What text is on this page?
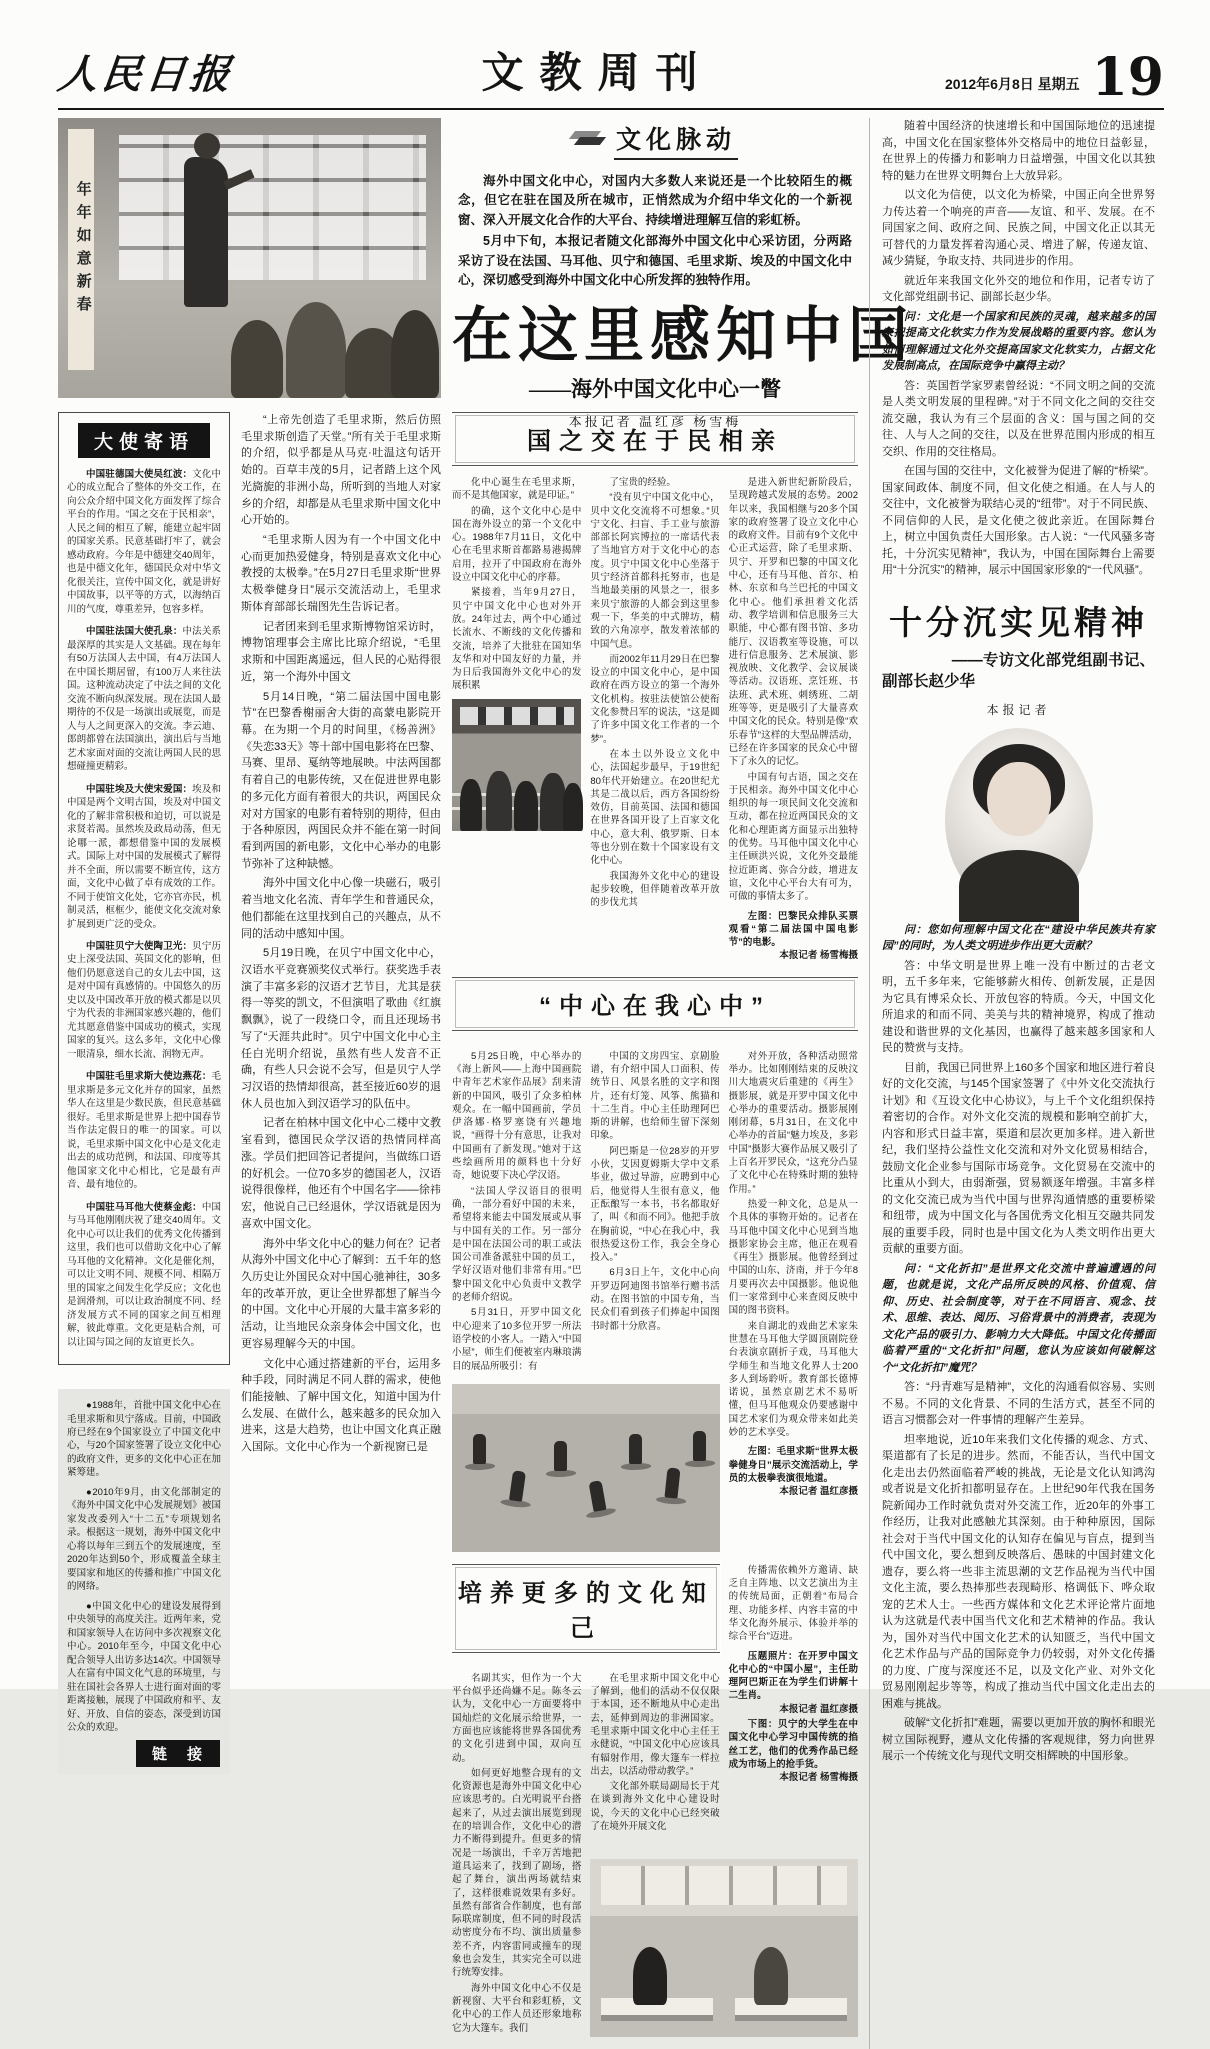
人民日报	文教周刊	2012年6月8日 星期五 19
年年如意新春
文化脉动

海外中国文化中心，对国内大多数人来说还是一个比较陌生的概念，但它在驻在国及所在城市，正悄然成为介绍中华文化的一个新视窗、深入开展文化合作的大平台、持续增进理解互信的彩虹桥。

5月中下旬，本报记者随文化部海外中国文化中心采访团，分两路采访了设在法国、马耳他、贝宁和德国、毛里求斯、埃及的中国文化中心，深切感受到海外中国文化中心所发挥的独特作用。

在这里感知中国
——海外中国文化中心一瞥
本报记者 温红彦 杨雪梅
大使寄语

中国驻德国大使吴红波：文化中心的成立配合了整体的外交工作，在向公众介绍中国文化方面发挥了综合平台的作用。“国之交在于民相亲”，人民之间的相互了解，能建立起牢固的国家关系。民意基础打牢了，就会感动政府。今年是中德建交40周年，也是中德文化年，德国民众对中华文化很关注，宣传中国文化，就是讲好中国故事，以平等的方式，以海纳百川的气度，尊重差异，包容多样。

中国驻法国大使孔泉：中法关系最深厚的其实是人文基础。现在每年有50万法国人去中国，有4万法国人在中国长期居留，有100万人来往法国。这种流动决定了中法之间的文化交流不断向纵深发展。现在法国人最期待的不仅是一场演出或展览，而是人与人之间更深入的交流。李云迪、郎朗都曾在法国演出，演出后与当地艺术家面对面的交流让两国人民的思想碰撞更精彩。

中国驻埃及大使宋爱国：埃及和中国是两个文明古国，埃及对中国文化的了解非常积极和迫切，可以说是求贤若渴。虽然埃及政局动荡，但无论哪一派，都想借鉴中国的发展模式。国际上对中国的发展模式了解得并不全面，所以需要不断宣传，这方面，文化中心做了卓有成效的工作。不同于使馆文化处，它亦官亦民，机制灵活，框框少，能使文化交流对象扩展到更广泛的受众。

中国驻贝宁大使陶卫光：贝宁历史上深受法国、英国文化的影响，但他们仍愿意送自己的女儿去中国，这是对中国有真感情的。中国悠久的历史以及中国改革开放的模式都是以贝宁为代表的非洲国家感兴趣的，他们尤其愿意借鉴中国成功的模式，实现国家的复兴。这么多年，文化中心像一眼清泉，细水长流、润物无声。

中国驻毛里求斯大使边燕花：毛里求斯是多元文化并存的国家，虽然华人在这里是少数民族，但民意基础很好。毛里求斯是世界上把中国春节当作法定假日的唯一的国家。可以说，毛里求斯中国文化中心是文化走出去的成功范例，和法国、印度等其他国家文化中心相比，它是最有声音、最有地位的。

中国驻马耳他大使蔡金彪：中国与马耳他刚刚庆祝了建交40周年。文化中心可以让我们的优秀文化传播到这里，我们也可以借助文化中心了解马耳他的文化精神。文化是催化剂，可以让文明不同、规模不同、相隔万里的国家之间发生化学反应；文化也是润滑剂，可以让政治制度不同、经济发展方式不同的国家之间互相理解，彼此尊重。文化更是粘合剂，可以让国与国之间的友谊更长久。

●1988年，首批中国文化中心在毛里求斯和贝宁落成。目前，中国政府已经在9个国家设立了中国文化中心，与20个国家签署了设立文化中心的政府文件，更多的文化中心正在加紧筹建。

●2010年9月，由文化部制定的《海外中国文化中心发展规划》被国家发改委列入“十二五”专项规划名录。根据这一规划，海外中国文化中心将以每年三到五个的发展速度，至2020年达到50个，形成覆盖全球主要国家和地区的传播和推广中国文化的网络。

●中国文化中心的建设发展得到中央领导的高度关注。近两年来，党和国家领导人在访问中多次视察文化中心。2010年至今，中国文化中心配合领导人出访多达14次。中国领导人在富有中国文化气息的环境里，与驻在国社会各界人士进行面对面的零距离接触，展现了中国政府和平、友好、开放、自信的姿态，深受到访国公众的欢迎。

链 接

“上帝先创造了毛里求斯，然后仿照毛里求斯创造了天堂。”所有关于毛里求斯的介绍，似乎都是从马克·吐温这句话开始的。百草丰茂的5月，记者踏上这个风光旖旎的非洲小岛，所听到的当地人对家乡的介绍，却都是从毛里求斯中国文化中心开始的。

“毛里求斯人因为有一个中国文化中心而更加热爱健身，特别是喜欢文化中心教授的太极拳。”在5月27日毛里求斯“世界太极拳健身日”展示交流活动上，毛里求斯体育部部长瑞图先生告诉记者。

记者团来到毛里求斯博物馆采访时，博物馆理事会主席比比琼介绍说，“毛里求斯和中国距离遥远，但人民的心贴得很近，第一个海外中国文

5月14日晚，“第二届法国中国电影节”在巴黎香榭丽舍大街的高蒙电影院开幕。在为期一个月的时间里，《杨善洲》《失恋33天》等十部中国电影将在巴黎、马赛、里昂、戛纳等地展映。中法两国都有着自己的电影传统，又在促进世界电影的多元化方面有着很大的共识，两国民众对对方国家的电影有着特别的期待，但由于各种原因，两国民众并不能在第一时间看到两国的新电影，文化中心举办的电影节弥补了这种缺憾。

海外中国文化中心像一块磁石，吸引着当地文化名流、青年学生和普通民众，他们都能在这里找到自己的兴趣点，从不同的活动中感知中国。

5月19日晚，在贝宁中国文化中心，汉语水平竞赛颁奖仪式举行。获奖选手表演了丰富多彩的汉语才艺节目，尤其是获得一等奖的凯文，不但演唱了歌曲《红旗飘飘》，说了一段绕口令，而且还现场书写了“天涯共此时”。贝宁中国文化中心主任白光明介绍说，虽然有些人发音不正确，有些人只会说不会写，但是贝宁人学习汉语的热情却很高，甚至接近60岁的退休人员也加入到汉语学习的队伍中。

记者在柏林中国文化中心二楼中文教室看到，德国民众学汉语的热情同样高涨。学员们把回答记者提问，当做练口语的好机会。一位70多岁的德国老人，汉语说得很像样，他还有个中国名字——徐祎宏，他说自己已经退休，学汉语就是因为喜欢中国文化。

海外中华文化中心的魅力何在？记者从海外中国文化中心了解到：五千年的悠久历史让外国民众对中国心驰神往，30多年的改革开放，更让全世界都想了解当今的中国。文化中心开展的大量丰富多彩的活动，让当地民众亲身体会中国文化，也更容易理解今天的中国。

文化中心通过搭建新的平台，运用多种手段，同时满足不同人群的需求，使他们能接触、了解中国文化，知道中国为什么发展、在做什么，越来越多的民众加入进来，这是大趋势，也让中国文化真正融入国际。文化中心作为一个新视窗已是

国之交在于民相亲

化中心诞生在毛里求斯，而不是其他国家，就是印证。”

的确，这个文化中心是中国在海外设立的第一个文化中心。1988年7月11日，文化中心在毛里求斯首都路易港揭牌启用，拉开了中国政府在海外设立中国文化中心的序幕。

紧接着，当年9月27日，贝宁中国文化中心也对外开放。24年过去，两个中心通过长流水、不断线的文化传播和交流，培养了大批驻在国知华友华和对中国友好的力量，并为日后我国海外文化中心的发展积累

了宝贵的经验。

“没有贝宁中国文化中心，贝中文化交流将不可想象。”贝宁文化、扫盲、手工业与旅游部部长阿宾博拉的一席话代表了当地官方对于文化中心的态度。贝宁中国文化中心坐落于贝宁经济首都科托努市，也是当地最美丽的风景之一，很多来贝宁旅游的人都会到这里参观一下，华美的中式牌坊，精致的六角凉亭，散发着浓郁的中国气息。

而2002年11月29日在巴黎设立的中国文化中心，是中国政府在西方设立的第一个海外文化机构。按驻法使馆公使衔文化参赞吕军的说法，“这是圆了许多中国文化工作者的一个梦”。

在本土以外设立文化中心，法国起步最早，于19世纪80年代开始建立。在20世纪尤其是二战以后，西方各国纷纷效仿，目前英国、法国和德国在世界各国开设了上百家文化中心，意大利、俄罗斯、日本等也分别在数十个国家设有文化中心。

我国海外文化中心的建设起步较晚，但伴随着改革开放的步伐尤其

是进入新世纪新阶段后，呈现跨越式发展的态势。2002年以来，我国相继与20多个国家的政府签署了设立文化中心的政府文件。目前有9个文化中心正式运营，除了毛里求斯、贝宁、开罗和巴黎的中国文化中心，还有马耳他、首尔、柏林、东京和乌兰巴托的中国文化中心。他们承担着文化活动、教学培训和信息服务三大职能，中心都有图书馆、多功能厅、汉语教室等设施，可以进行信息服务、艺术展演、影视放映、文化教学、会议展谈等活动。汉语班、烹饪班、书法班、武术班、刺绣班、二胡班等等，更是吸引了大量喜欢中国文化的民众。特别是像“欢乐春节”这样的大型品牌活动，已经在许多国家的民众心中留下了永久的记忆。

中国有句古语，国之交在于民相亲。海外中国文化中心组织的每一项民间文化交流和互动，都在拉近两国民众的文化和心理距离方面显示出独特的优势。马耳他中国文化中心主任顾洪兴说，文化外交最能拉近距离、弥合分歧，增进友谊，文化中心平台大有可为，可做的事情太多了。

左图：巴黎民众排队买票观看“第二届法国中国电影节”的电影。
本报记者 杨雪梅摄

“中心在我心中”

5月25日晚，中心举办的《海上新风——上海中国画院中青年艺术家作品展》刮来清新的中国风，吸引了众多柏林观众。在一幅中国画前，学员伊洛娜·格罗塞饶有兴趣地说，“画得十分有意思，让我对中国画有了新发现。”她对于这些绘画所用的颜料也十分好奇，她说要下决心学汉语。

“法国人学汉语目的很明确，一部分看好中国的未来，希望将来能去中国发展或从事与中国有关的工作。另一部分是中国在法国公司的职工或法国公司准备派驻中国的员工，学好汉语对他们非常有用。”巴黎中国文化中心负责中文教学的老师介绍说。

5月31日，开罗中国文化中心迎来了10多位开罗一所法语学校的小客人。一踏入“中国小屋”，师生们便被室内琳琅满目的展品所吸引：有

中国的文房四宝、京剧脸谱，有介绍中国人口面积、传统节日、风景名胜的文字和图片，还有灯笼、风筝、熊猫和十二生肖。中心主任助理阿巴斯的讲解，也给师生留下深刻印象。

阿巴斯是一位28岁的开罗小伙，艾因夏姆斯大学中文系毕业，做过导游，应聘到中心后，他觉得人生很有意义，他正酝酿写一本书，书名都取好了，叫《和而不同》。他把手放在胸前说，“中心在我心中，我很热爱这份工作，我会全身心投入。”

6月3日上午，文化中心向开罗迈阿迪图书馆举行赠书活动。在图书馆的中国专角，当民众们看到孩子们捧起中国图书时都十分欣喜。

对外开放，各种活动照常举办。比如刚刚结束的反映汶川大地震灾后重建的《再生》摄影展，就是开罗中国文化中心举办的重要活动。摄影展刚刚闭幕，5月31日，在文化中心举办的首届“魅力埃及，多彩中国”摄影大赛作品展又吸引了上百名开罗民众，“这充分凸显了文化中心在特殊时期的独特作用。”

热爱一种文化，总是从一个具体的事物开始的。记者在马耳他中国文化中心见到当地摄影家协会主席，他正在观看《再生》摄影展。他曾经到过中国的山东、济南，并于今年8月要再次去中国摄影。他说他们一家常到中心来查阅反映中国的图书资料。

来自湖北的戏曲艺术家朱世慧在马耳他大学圆顶剧院登台表演京剧折子戏，马耳他大学师生和当地文化界人士200多人到场聆听。教育部长德博诺说，虽然京剧艺术不易听懂，但马耳他观众仍要感谢中国艺术家们为观众带来如此美妙的艺术享受。

左图：毛里求斯“世界太极拳健身日”展示交流活动上，学员的太极拳表演很地道。
本报记者 温红彦摄

培养更多的文化知己

名副其实，但作为一个大平台似乎还尚嫌不足。陈冬云认为，文化中心一方面要将中国灿烂的文化展示给世界，一方面也应该能将世界各国优秀的文化引进到中国，双向互动。

如何更好地整合现有的文化资源也是海外中国文化中心应该思考的。白光明说平台搭起来了，从过去演出展览到现在的培训合作，文化中心的潜力不断得到提升。但更多的情况是一场演出，千辛万苦地把道具运来了，找到了剧场，搭起了舞台，演出两场就结束了，这样很难说效果有多好。虽然有部省合作制度，也有部际联席制度，但不同的时段活动密度分布不均、演出质量参差不齐，内容雷同或撞车的现象也会发生，其实完全可以进行统筹安排。

海外中国文化中心不仅是新视窗、大平台和彩虹桥，文化中心的工作人员还形象地称它为大篷车。我们

在毛里求斯中国文化中心了解到，他们的活动不仅仅限于本国，还不断地从中心走出去，延伸到周边的非洲国家。毛里求斯中国文化中心主任王永健说，“中国文化中心应该具有辐射作用，像大篷车一样拉出去，以活动带动教学。”

文化部外联局副局长于芃在谈到海外文化中心建设时说，今天的文化中心已经突破了在境外开展文化

传播需依赖外方邀请、缺乏自主阵地、以文艺演出为主的传统局面，正朝着“布局合理、功能多样、内容丰富的中华文化海外展示、体验并举的综合平台”迈进。

压题照片：在开罗中国文化中心的“中国小屋”，主任助理阿巴斯正在为学生们讲解十二生肖。
本报记者 温红彦摄

下图：贝宁的大学生在中国文化中心学习中国传统的掐丝工艺，他们的优秀作品已经成为市场上的抢手货。
本报记者 杨雪梅摄

随着中国经济的快速增长和中国国际地位的迅速提高，中国文化在国家整体外交格局中的地位日益彰显，在世界上的传播力和影响力日益增强，中国文化以其独特的魅力在世界文明舞台上大放异彩。

以文化为信使，以文化为桥梁，中国正向全世界努力传达着一个响亮的声音——友谊、和平、发展。在不同国家之间、政府之间、民族之间，中国文化正以其无可替代的力量发挥着沟通心灵、增进了解，传递友谊、减少猜疑，争取支持、共同进步的作用。

就近年来我国文化外交的地位和作用，记者专访了文化部党组副书记、副部长赵少华。

问：文化是一个国家和民族的灵魂，越来越多的国家把提高文化软实力作为发展战略的重要内容。您认为如何理解通过文化外交提高国家文化软实力，占据文化发展制高点，在国际竞争中赢得主动？

答：英国哲学家罗素曾经说：“不同文明之间的交流是人类文明发展的里程碑。”对于不同文化之间的交往交流交融，我认为有三个层面的含义：国与国之间的交往、人与人之间的交往，以及在世界范围内形成的相互交织、作用的交往格局。

在国与国的交往中，文化被誉为促进了解的“桥梁”。国家间政体、制度不同，但文化使之相通。在人与人的交往中，文化被誉为联结心灵的“纽带”。对于不同民族、不同信仰的人民，是文化使之彼此亲近。在国际舞台上，树立中国负责任大国形象。古人说：“一代风骚多寄托，十分沉实见精神”，我认为，中国在国际舞台上需要用“十分沉实”的精神，展示中国国家形象的“一代风骚”。

十分沉实见精神
——专访文化部党组副书记、副部长赵少华
本报记者

问：您如何理解中国文化在“建设中华民族共有家园”的同时，为人类文明进步作出更大贡献？

答：中华文明是世界上唯一没有中断过的古老文明，五千多年来，它能够薪火相传、创新发展，正是因为它具有博采众长、开放包容的特质。今天，中国文化所追求的和而不同、美美与共的精神境界，构成了推动建设和谐世界的文化基因，也赢得了越来越多国家和人民的赞赏与支持。

目前，我国已同世界上160多个国家和地区进行着良好的文化交流，与145个国家签署了《中外文化交流执行计划》和《互设文化中心协议》，与上千个文化组织保持着密切的合作。对外文化交流的规模和影响空前扩大，内容和形式日益丰富，渠道和层次更加多样。进入新世纪，我们坚持公益性文化交流和对外文化贸易相结合，鼓励文化企业参与国际市场竞争。文化贸易在交流中的比重从小到大，由弱渐强，贸易额逐年增强。丰富多样的文化交流已成为当代中国与世界沟通情感的重要桥梁和纽带，成为中国文化与各国优秀文化相互交融共同发展的重要手段，同时也是中国文化为人类文明作出更大贡献的重要方面。

问：“文化折扣”是世界文化交流中普遍遭遇的问题，也就是说，文化产品所反映的风格、价值观、信仰、历史、社会制度等，对于在不同语言、观念、技术、思维、表达、阅历、习俗背景中的消费者，表现为文化产品的吸引力、影响力大大降低。中国文化传播面临着严重的“文化折扣”问题，您认为应该如何破解这个“文化折扣”魔咒？

答：“丹青难写是精神”，文化的沟通看似容易、实则不易。不同的文化背景、不同的生活方式，甚至不同的语言习惯都会对一件事情的理解产生差异。

坦率地说，近10年来我们文化传播的观念、方式、渠道都有了长足的进步。然而，不能否认，当代中国文化走出去仍然面临着严峻的挑战，无论是文化认知鸿沟或者说是文化折扣都明显存在。上世纪90年代我在国务院新闻办工作时就负责对外交流工作，近20年的外事工作经历，让我对此感触尤其深刻。由于种种原因，国际社会对于当代中国文化的认知存在偏见与盲点，提到当代中国文化，要么想到反映落后、愚昧的中国封建文化遗存，要么将一些非主流思潮的文艺作品视为当代中国文化主流，要么热捧那些表现畸形、格调低下、哗众取宠的艺术人士。一些西方媒体和文化艺术评论常片面地认为这就是代表中国当代文化和艺术精神的作品。我认为，国外对当代中国文化艺术的认知匮乏，当代中国文化艺术作品与产品的国际竞争力仍较弱，对外文化传播的力度、广度与深度还不足，以及文化产业、对外文化贸易刚刚起步等等，构成了推动当代中国文化走出去的困难与挑战。

破解“文化折扣”难题，需要以更加开放的胸怀和眼光树立国际视野，遵从文化传播的客观规律，努力向世界展示一个传统文化与现代文明交相辉映的中国形象。
